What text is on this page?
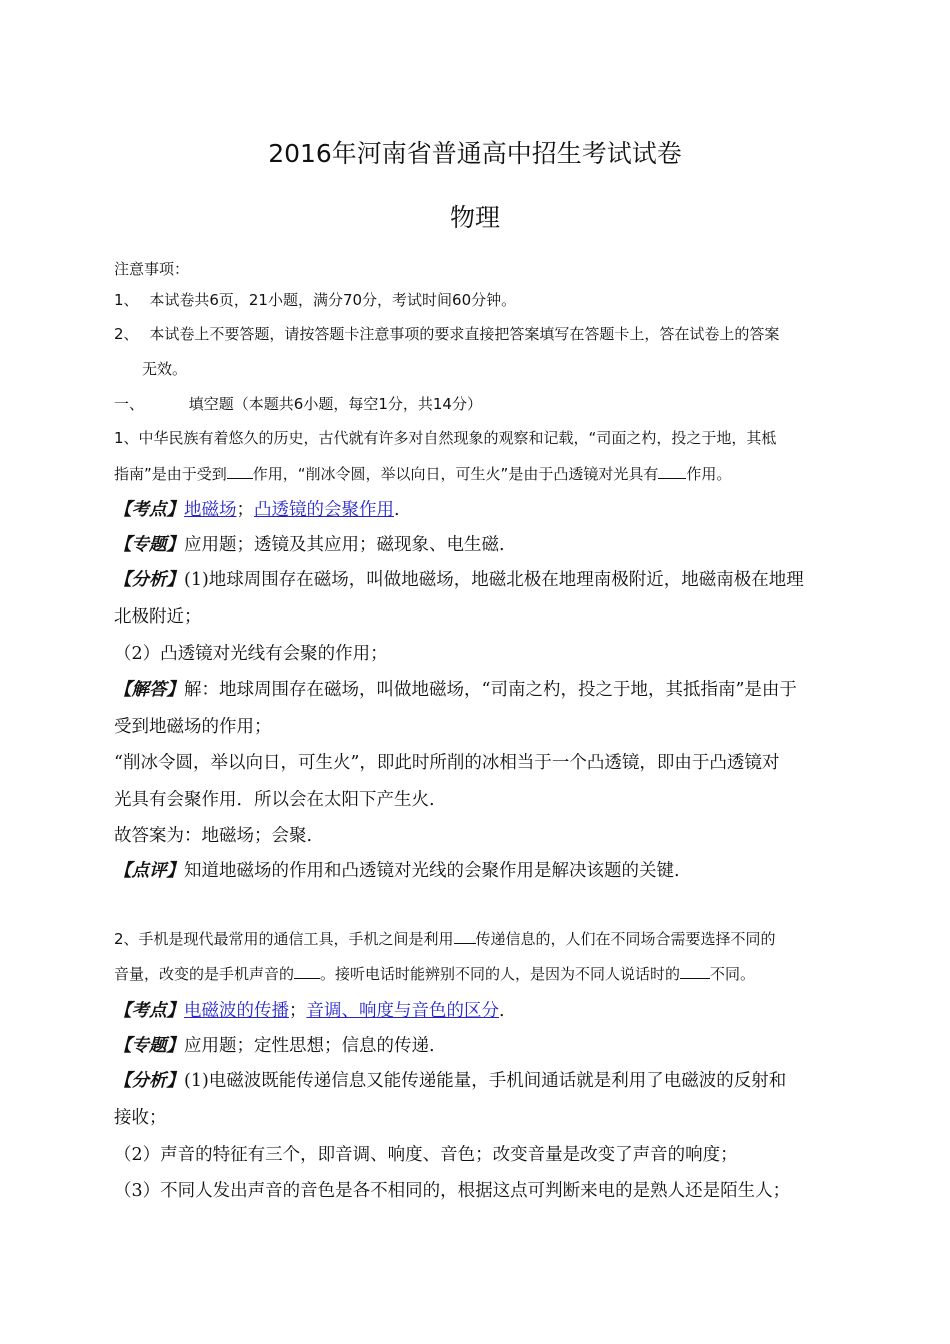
2016年河南省普通高中招生考试试卷
物理
注意事项：
1、 本试卷共6页，21小题，满分70分，考试时间60分钟。
2、 本试卷上不要答题，请按答题卡注意事项的要求直接把答案填写在答题卡上，答在试卷上的答案
无效。
一、	填空题（本题共6小题，每空1分，共14分）
1、中华民族有着悠久的历史，古代就有许多对自然现象的观察和记载，“司面之杓，投之于地，其柢
指南”是由于受到 作用，“削冰令圆，举以向日，可生火”是由于凸透镜对光具有 作用。
【考点】地磁场；凸透镜的会聚作用.
【专题】应用题；透镜及其应用；磁现象、电生磁.
【分析】(1)地球周围存在磁场，叫做地磁场，地磁北极在地理南极附近，地磁南极在地理
北极附近；
（2）凸透镜对光线有会聚的作用；
【解答】解：地球周围存在磁场，叫做地磁场，“司南之杓，投之于地，其抵指南”是由于
受到地磁场的作用；
“削冰令圆，举以向日，可生火”，即此时所削的冰相当于一个凸透镜，即由于凸透镜对
光具有会聚作用．所以会在太阳下产生火.
故答案为：地磁场；会聚.
【点评】知道地磁场的作用和凸透镜对光线的会聚作用是解决该题的关键.
2、手机是现代最常用的通信工具，手机之间是利用 传递信息的，人们在不同场合需要选择不同的
音量，改变的是手机声音的 。接听电话时能辨别不同的人，是因为不同人说话时的 不同。
【考点】电磁波的传播；音调、响度与音色的区分.
【专题】应用题；定性思想；信息的传递.
【分析】(1)电磁波既能传递信息又能传递能量，手机间通话就是利用了电磁波的反射和
接收；
（2）声音的特征有三个，即音调、响度、音色；改变音量是改变了声音的响度；
（3）不同人发出声音的音色是各不相同的，根据这点可判断来电的是熟人还是陌生人；
